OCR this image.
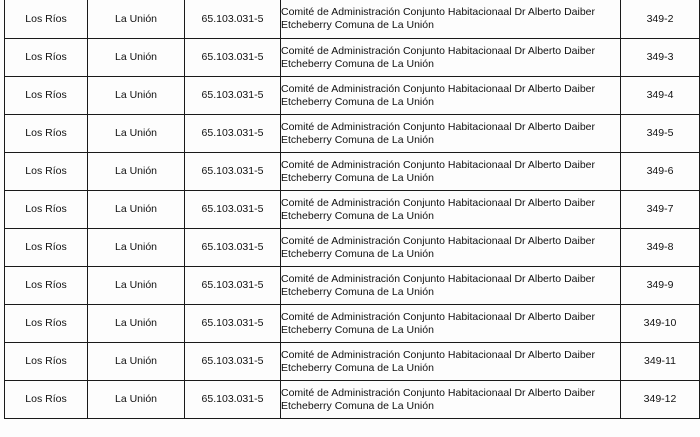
Los Ríos	La Unión	65.103.031-5	Comité de Administración Conjunto Habitacionaal Dr Alberto Daiber
Etcheberry Comuna de La Unión	349-2
Los Ríos	La Unión	65.103.031-5	Comité de Administración Conjunto Habitacionaal Dr Alberto Daiber
Etcheberry Comuna de La Unión	349-3
Los Ríos	La Unión	65.103.031-5	Comité de Administración Conjunto Habitacionaal Dr Alberto Daiber
Etcheberry Comuna de La Unión	349-4
Los Ríos	La Unión	65.103.031-5	Comité de Administración Conjunto Habitacionaal Dr Alberto Daiber
Etcheberry Comuna de La Unión	349-5
Los Ríos	La Unión	65.103.031-5	Comité de Administración Conjunto Habitacionaal Dr Alberto Daiber
Etcheberry Comuna de La Unión	349-6
Los Ríos	La Unión	65.103.031-5	Comité de Administración Conjunto Habitacionaal Dr Alberto Daiber
Etcheberry Comuna de La Unión	349-7
Los Ríos	La Unión	65.103.031-5	Comité de Administración Conjunto Habitacionaal Dr Alberto Daiber
Etcheberry Comuna de La Unión	349-8
Los Ríos	La Unión	65.103.031-5	Comité de Administración Conjunto Habitacionaal Dr Alberto Daiber
Etcheberry Comuna de La Unión	349-9
Los Ríos	La Unión	65.103.031-5	Comité de Administración Conjunto Habitacionaal Dr Alberto Daiber
Etcheberry Comuna de La Unión	349-10
Los Ríos	La Unión	65.103.031-5	Comité de Administración Conjunto Habitacionaal Dr Alberto Daiber
Etcheberry Comuna de La Unión	349-11
Los Ríos	La Unión	65.103.031-5	Comité de Administración Conjunto Habitacionaal Dr Alberto Daiber
Etcheberry Comuna de La Unión	349-12
